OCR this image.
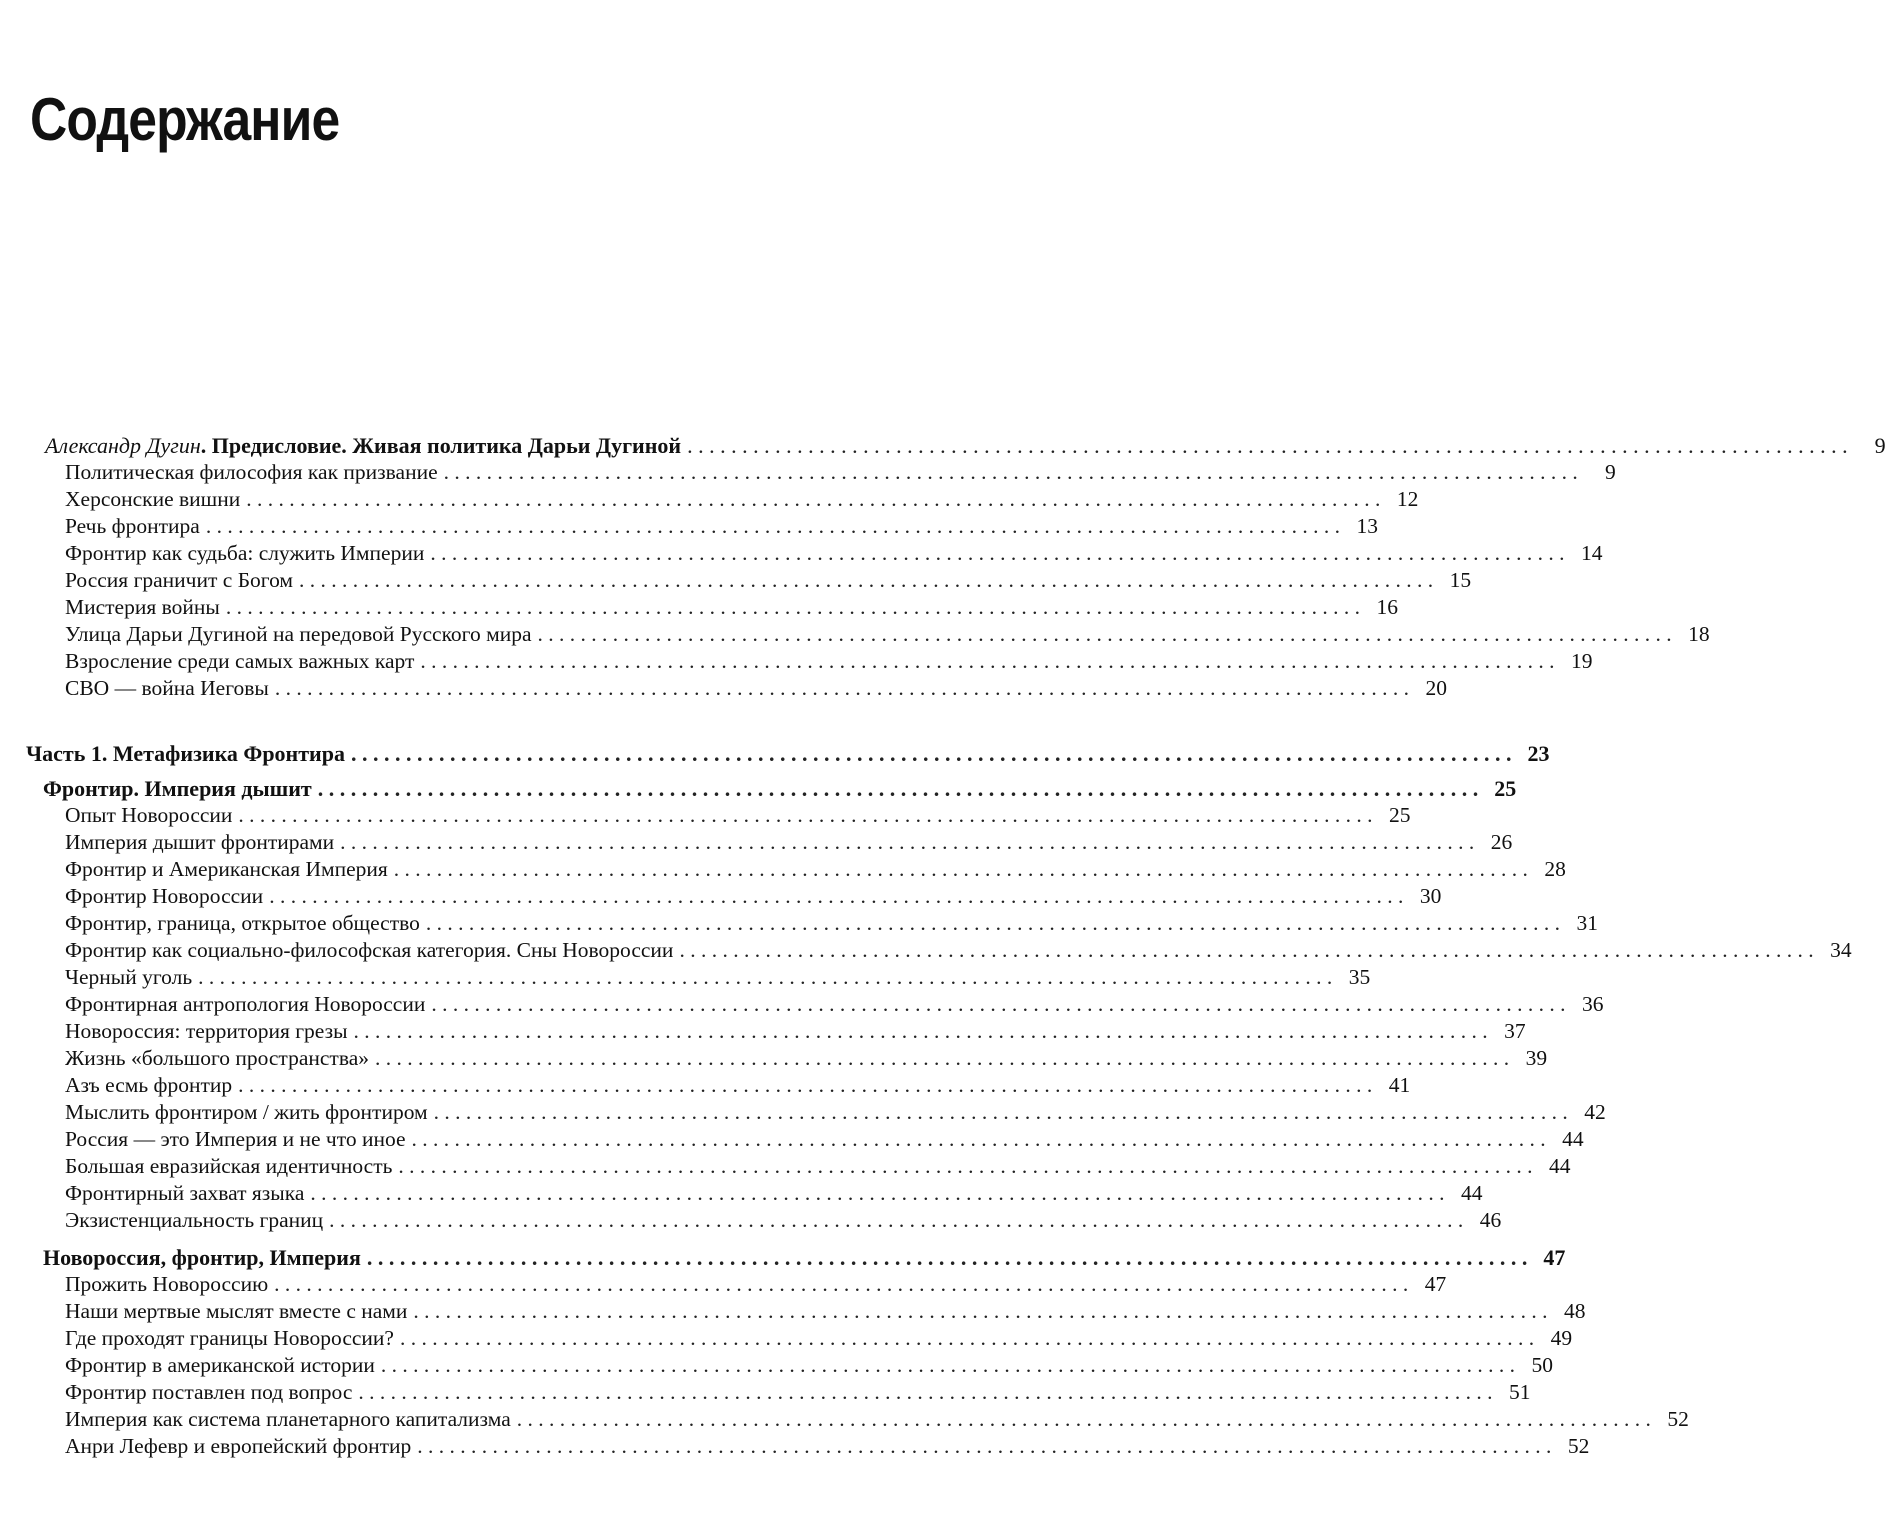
Содержание
Александр Дугин. Предисловие. Живая политика Дарьи Дугиной . . .	9
Политическая философия как призвание . . .	9
Херсонские вишни . . .	12
Речь фронтира . . .	13
Фронтир как судьба: служить Империи . . .	14
Россия граничит с Богом . . .	15
Мистерия войны . . .	16
Улица Дарьи Дугиной на передовой Русского мира . . .	18
Взросление среди самых важных карт . . .	19
СВО — война Иеговы . . .	20
Часть 1. Метафизика Фронтира . . .	23
Фронтир. Империя дышит . . .	25
Опыт Новороссии . . .	25
Империя дышит фронтирами . . .	26
Фронтир и Американская Империя . . .	28
Фронтир Новороссии . . .	30
Фронтир, граница, открытое общество . . .	31
Фронтир как социально-философская категория. Сны Новороссии . . .	34
Черный уголь . . .	35
Фронтирная антропология Новороссии . . .	36
Новороссия: территория грезы . . .	37
Жизнь «большого пространства» . . .	39
Азъ есмь фронтир . . .	41
Мыслить фронтиром / жить фронтиром . . .	42
Россия — это Империя и не что иное . . .	44
Большая евразийская идентичность . . .	44
Фронтирный захват языка . . .	44
Экзистенциальность границ . . .	46
Новороссия, фронтир, Империя . . .	47
Прожить Новороссию . . .	47
Наши мертвые мыслят вместе с нами . . .	48
Где проходят границы Новороссии? . . .	49
Фронтир в американской истории . . .	50
Фронтир поставлен под вопрос . . .	51
Империя как система планетарного капитализма . . .	52
Анри Лефевр и европейский фронтир . . .	52
